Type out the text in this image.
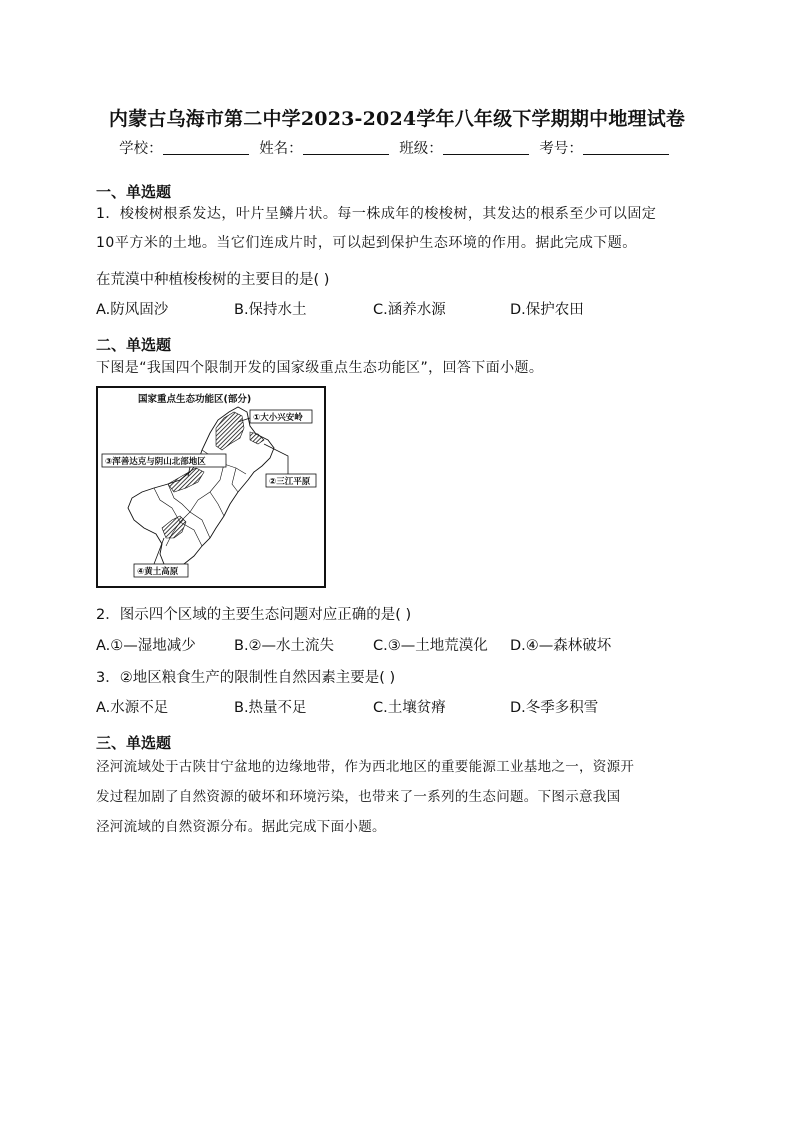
内蒙古乌海市第二中学2023-2024学年八年级下学期期中地理试卷
学校：	姓名：	班级：	考号：
一、单选题
1．梭梭树根系发达，叶片呈鳞片状。每一株成年的梭梭树，其发达的根系至少可以固定
10平方米的土地。当它们连成片时，可以起到保护生态环境的作用。据此完成下题。
在荒漠中种植梭梭树的主要目的是( )
A.防风固沙	B.保持水土	C.涵养水源	D.保护农田
二、单选题
下图是“我国四个限制开发的国家级重点生态功能区”，回答下面小题。
国家重点生态功能区(部分)
①大小兴安岭
②三江平原
③浑善达克与阴山北部地区
④黄土高原
.
2．图示四个区域的主要生态问题对应正确的是( )
A.①—湿地减少	B.②—水土流失	C.③—土地荒漠化 D.④—森林破坏
3．②地区粮食生产的限制性自然因素主要是( )
A.水源不足	B.热量不足	C.土壤贫瘠	D.冬季多积雪
三、单选题
泾河流域处于古陕甘宁盆地的边缘地带，作为西北地区的重要能源工业基地之一，资源开
发过程加剧了自然资源的破坏和环境污染，也带来了一系列的生态问题。下图示意我国
泾河流域的自然资源分布。据此完成下面小题。
